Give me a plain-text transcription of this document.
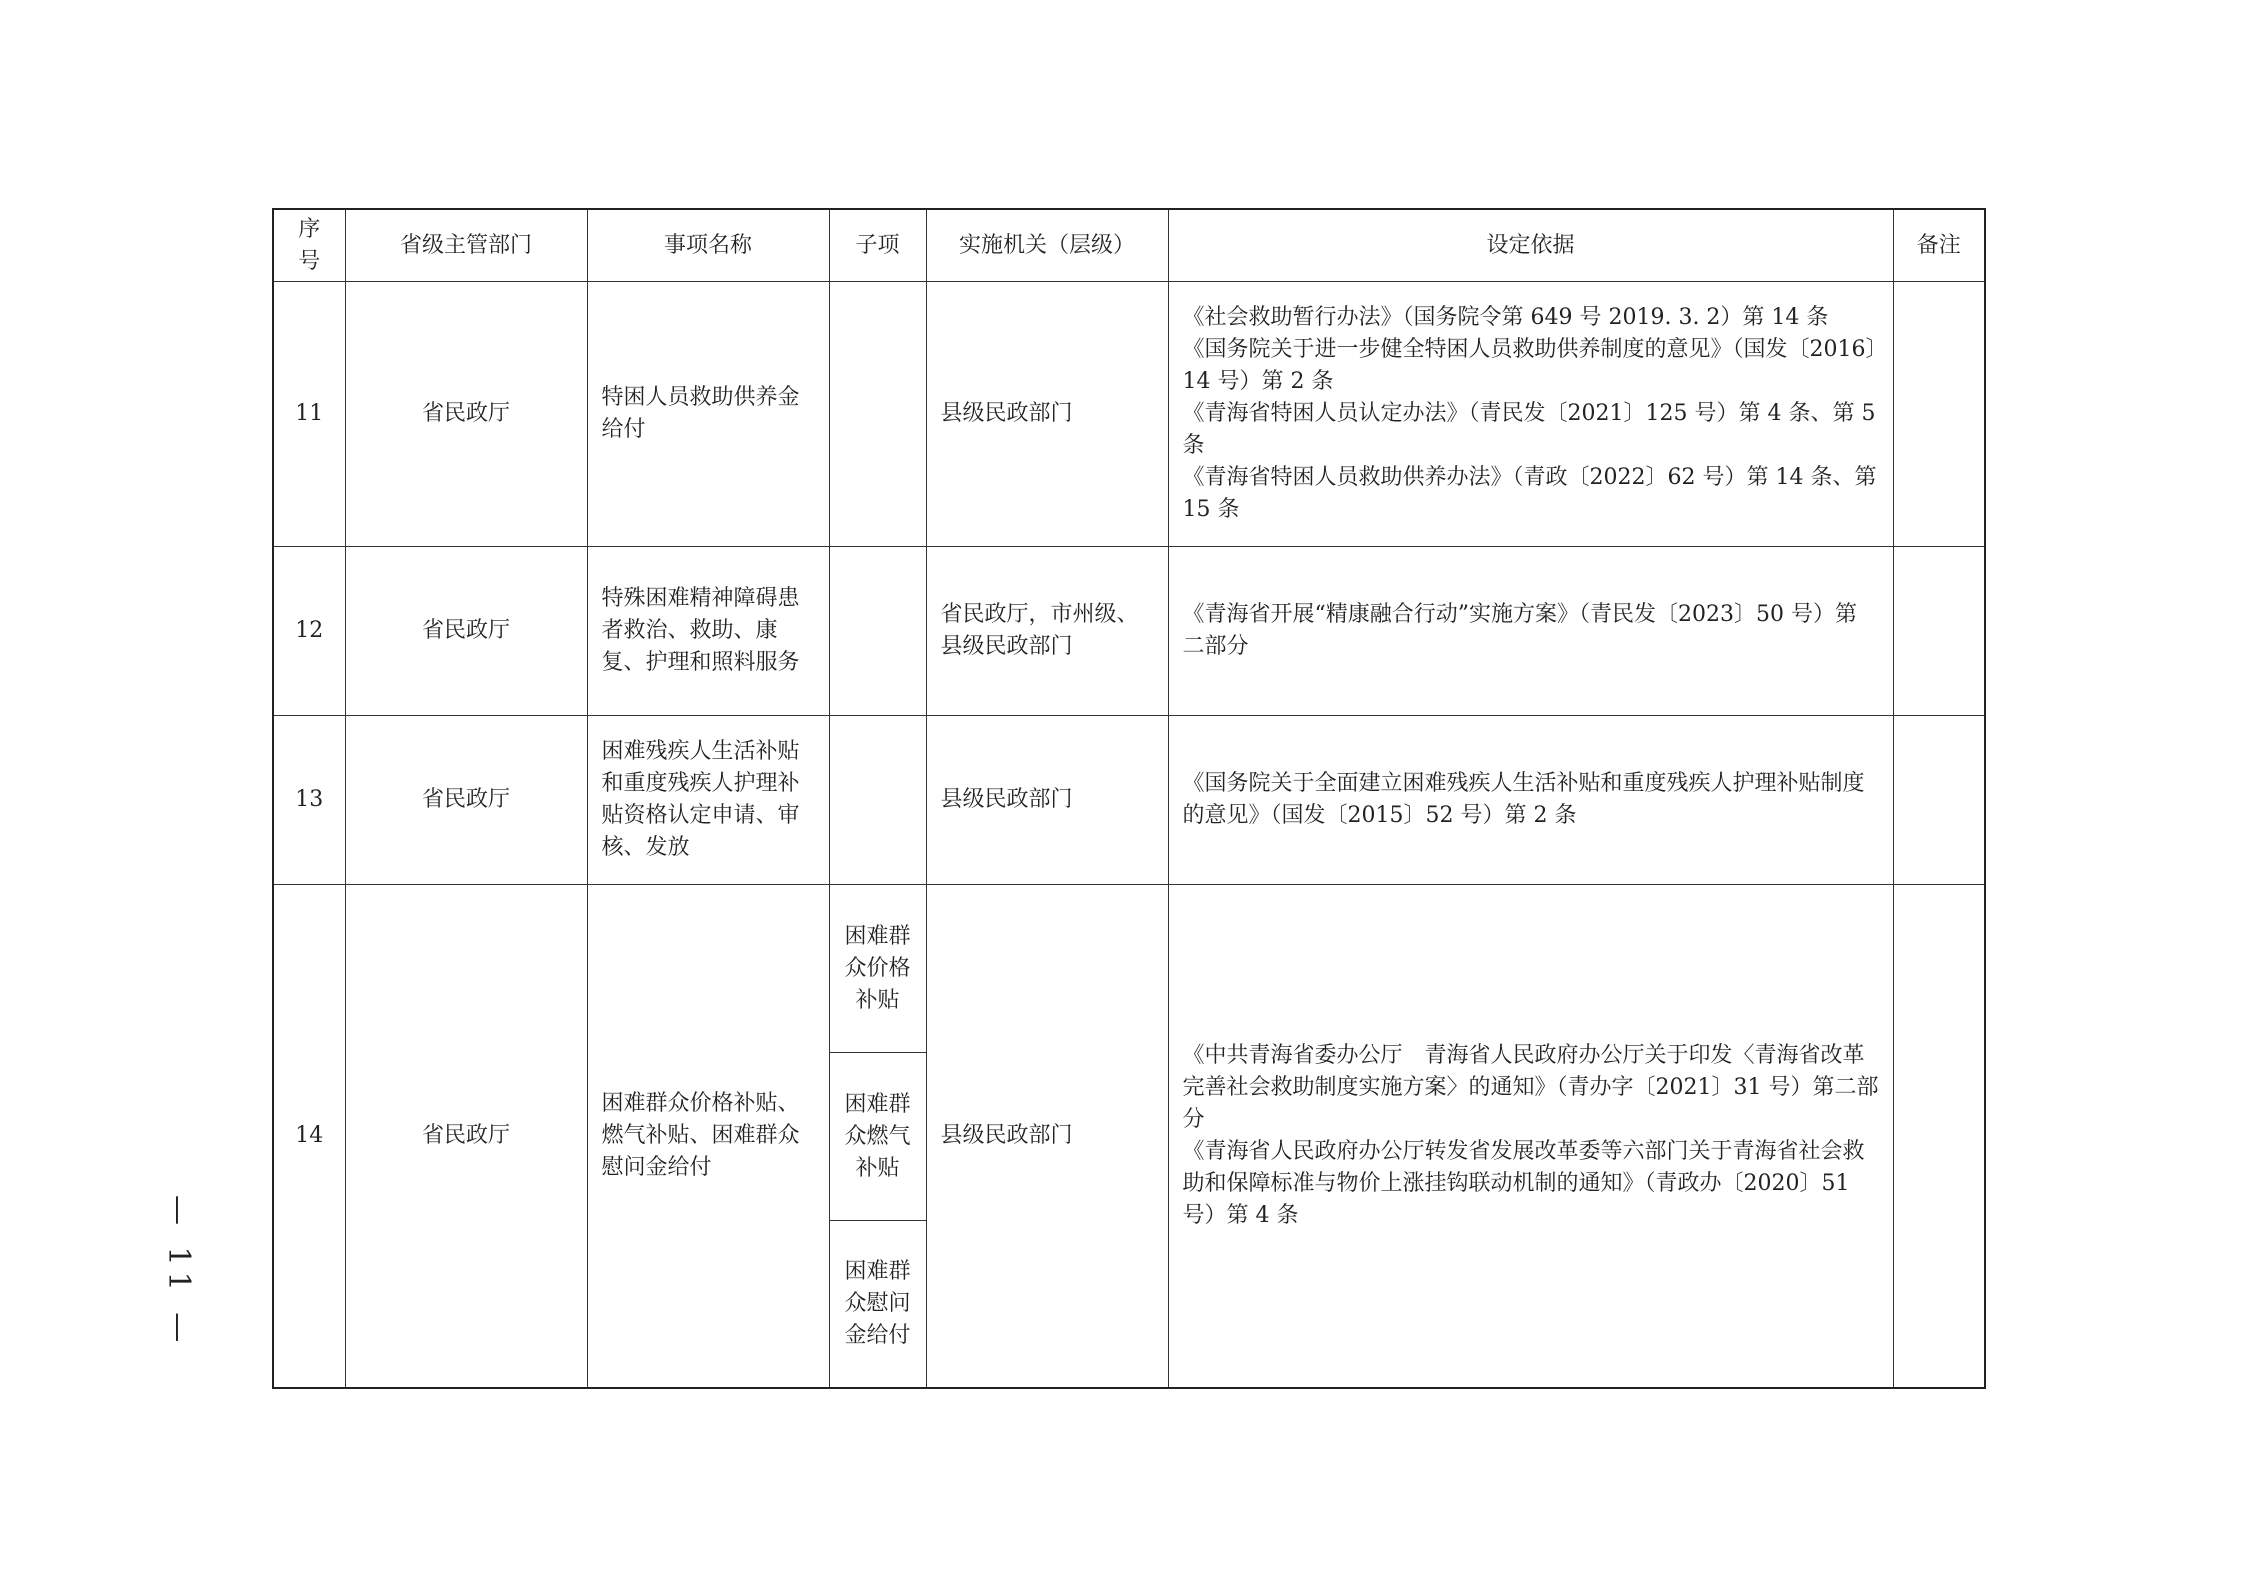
— 11 —
序号	省级主管部门	事项名称	子项	实施机关（层级）	设定依据	备注
11	省民政厅	特困人员救助供养金给付		县级民政部门	《社会救助暂行办法》（国务院令第 649 号 2019. 3. 2）第 14 条
《国务院关于进一步健全特困人员救助供养制度的意见》（国发〔2016〕14 号）第 2 条
《青海省特困人员认定办法》（青民发〔2021〕125 号）第 4 条、第 5 条
《青海省特困人员救助供养办法》（青政〔2022〕62 号）第 14 条、第 15 条	

12	省民政厅	特殊困难精神障碍患者救治、救助、康复、护理和照料服务		省民政厅，市州级、县级民政部门	《青海省开展“精康融合行动”实施方案》（青民发〔2023〕50 号）第二部分	

13	省民政厅	困难残疾人生活补贴和重度残疾人护理补贴资格认定申请、审核、发放		县级民政部门	《国务院关于全面建立困难残疾人生活补贴和重度残疾人护理补贴制度的意见》（国发〔2015〕52 号）第 2 条	

14	省民政厅	困难群众价格补贴、燃气补贴、困难群众慰问金给付	困难群众价格补贴	县级民政部门	《中共青海省委办公厅　青海省人民政府办公厅关于印发〈青海省改革完善社会救助制度实施方案〉的通知》（青办字〔2021〕31 号）第二部分
《青海省人民政府办公厅转发省发展改革委等六部门关于青海省社会救助和保障标准与物价上涨挂钩联动机制的通知》（青政办〔2020〕51 号）第 4 条	

			困难群众燃气补贴			
			困难群众慰问金给付			
